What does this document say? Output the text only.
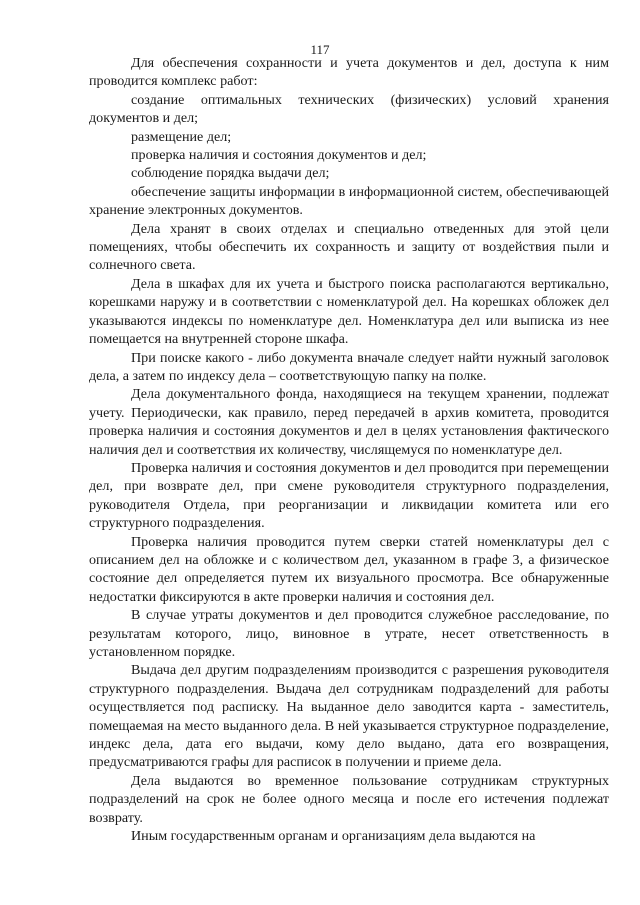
117

Для обеспечения сохранности и учета документов и дел, доступа к ним проводится комплекс работ:

создание оптимальных технических (физических) условий хранения документов и дел;

размещение дел;

проверка наличия и состояния документов и дел;

соблюдение порядка выдачи дел;

обеспечение защиты информации в информационной систем, обеспечивающей хранение электронных документов.

Дела хранят в своих отделах и специально отведенных для этой цели помещениях, чтобы обеспечить их сохранность и защиту от воздействия пыли и солнечного света.

Дела в шкафах для их учета и быстрого поиска располагаются вертикально, корешками наружу и в соответствии с номенклатурой дел. На корешках обложек дел указываются индексы по номенклатуре дел. Номенклатура дел или выписка из нее помещается на внутренней стороне шкафа.

При поиске какого - либо документа вначале следует найти нужный заголовок дела, а затем по индексу дела – соответствующую папку на полке.

Дела документального фонда, находящиеся на текущем хранении, подлежат учету. Периодически, как правило, перед передачей в архив комитета, проводится проверка наличия и состояния документов и дел в целях установления фактического наличия дел и соответствия их количеству, числящемуся по номенклатуре дел.

Проверка наличия и состояния документов и дел проводится при перемещении дел, при возврате дел, при смене руководителя структурного подразделения, руководителя Отдела, при реорганизации и ликвидации комитета или его структурного подразделения.

Проверка наличия проводится путем сверки статей номенклатуры дел с описанием дел на обложке и с количеством дел, указанном в графе 3, а физическое состояние дел определяется путем их визуального просмотра. Все обнаруженные недостатки фиксируются в акте проверки наличия и состояния дел.

В случае утраты документов и дел проводится служебное расследование, по результатам которого, лицо, виновное в утрате, несет ответственность в установленном порядке.

Выдача дел другим подразделениям производится с разрешения руководителя структурного подразделения. Выдача дел сотрудникам подразделений для работы осуществляется под расписку. На выданное дело заводится карта - заместитель, помещаемая на место выданного дела. В ней указывается структурное подразделение, индекс дела, дата его выдачи, кому дело выдано, дата его возвращения, предусматриваются графы для расписок в получении и приеме дела.

Дела выдаются во временное пользование сотрудникам структурных подразделений на срок не более одного месяца и после его истечения подлежат возврату.

Иным государственным органам и организациям дела выдаются на
